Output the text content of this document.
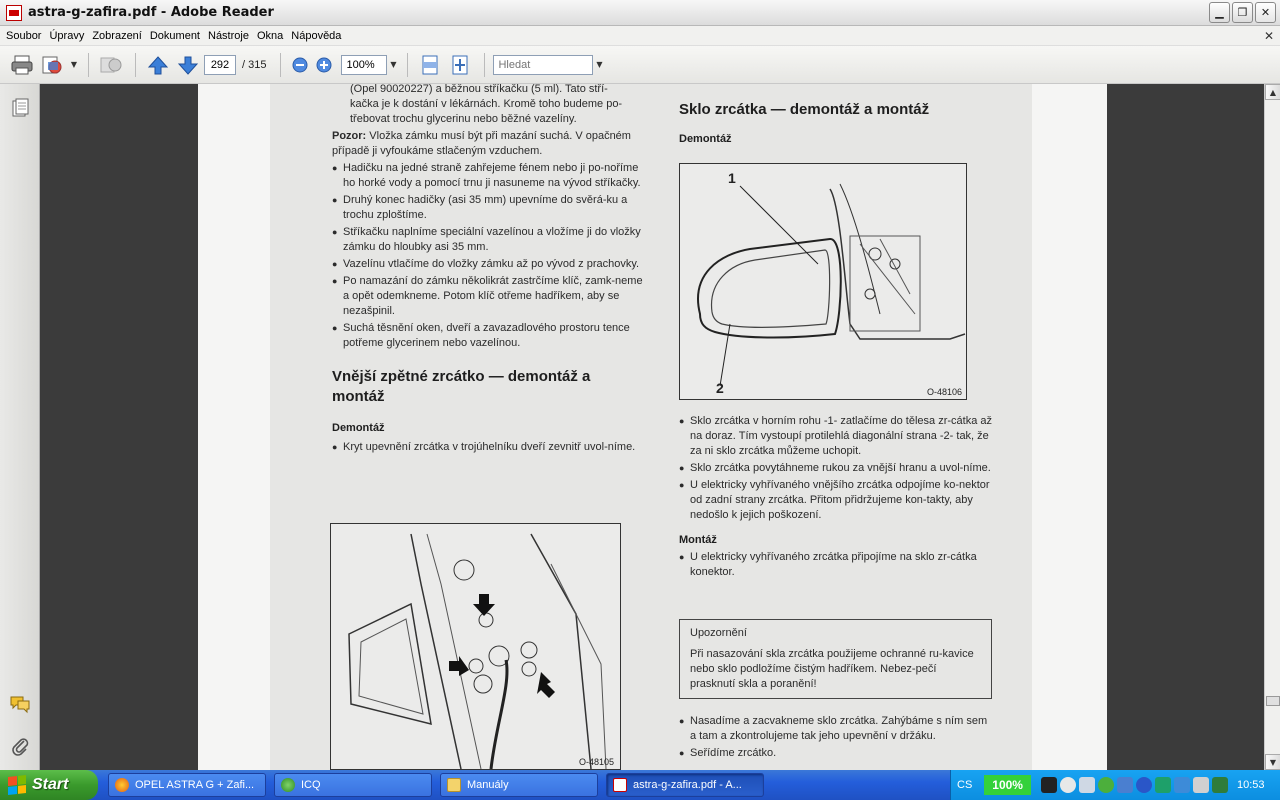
astra-g-zafira.pdf - Adobe Reader	▁	❐	✕
Soubor Úpravy Zobrazení Dokument Nástroje Okna Nápověda	✕
▼
292	/ 315
100%	▼
Hledat	▼
(Opel 90020227) a běžnou stříkačku (5 ml). Tato stří-
kačka je k dostání v lékárnách. Kromě toho budeme po-
třebovat trochu glycerinu nebo běžné vazelíny.

Pozor: Vložka zámku musí být při mazání suchá. V opačném případě ji vyfoukáme stlačeným vzduchem.

● Hadičku na jedné straně zahřejeme fénem nebo ji po-noříme ho horké vody a pomocí trnu ji nasuneme na vývod stříkačky.
● Druhý konec hadičky (asi 35 mm) upevníme do svěrá-ku a trochu zploštíme.
● Stříkačku naplníme speciální vazelínou a vložíme ji do vložky zámku do hloubky asi 35 mm.
● Vazelínu vtlačíme do vložky zámku až po vývod z prachovky.
● Po namazání do zámku několikrát zastrčíme klíč, zamk-neme a opět odemkneme. Potom klíč otřeme hadříkem, aby se nezašpinil.
● Suchá těsnění oken, dveří a zavazadlového prostoru tence potřeme glycerinem nebo vazelínou.
Vnější zpětné zrcátko — demontáž a montáž
Demontáž
● Kryt upevnění zrcátka v trojúhelníku dveří zevnitř uvol-níme.
O-48105
Sklo zrcátka — demontáž a montáž
Demontáž
1
2	O-48106
● Sklo zrcátka v horním rohu -1- zatlačíme do tělesa zr-cátka až na doraz. Tím vystoupí protilehlá diagonální strana -2- tak, že za ni sklo zrcátka můžeme uchopit.
● Sklo zrcátka povytáhneme rukou za vnější hranu a uvol-níme.
● U elektricky vyhřívaného vnějšího zrcátka odpojíme ko-nektor od zadní strany zrcátka. Přitom přidržujeme kon-takty, aby nedošlo k jejich poškození.
Montáž
● U elektricky vyhřívaného zrcátka připojíme na sklo zr-cátka konektor.
Upozornění
Při nasazování skla zrcátka použijeme ochranné ru-kavice nebo sklo podložíme čistým hadříkem. Nebez-pečí prasknutí skla a poranění!
● Nasadíme a zacvakneme sklo zrcátka. Zahýbáme s ním sem a tam a zkontrolujeme tak jeho upevnění v držáku.
● Seřídíme zrcátko.
▲
▼
Start	OPEL ASTRA G + Zafi...	ICQ	Manuály	astra-g-zafira.pdf - A...	CS	100%	10:53
